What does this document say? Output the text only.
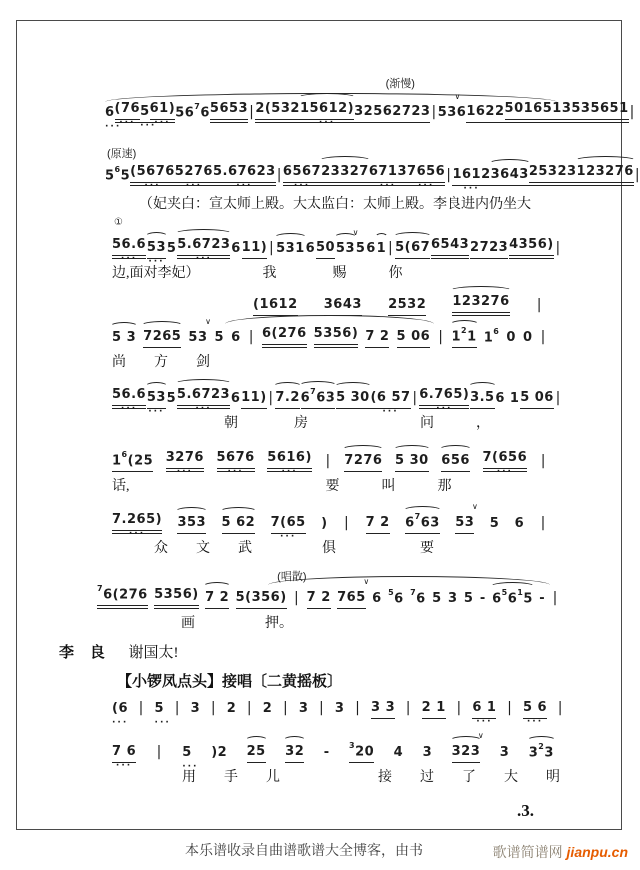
(渐慢)
6
···
(76
···
5
···
61)
···
$56^76$ 5653 | 2(532 15612)
···
3256 2723 | 53 ∨ 6 1622 501651 3535651 |
(原速)
$5^65$ (5676
···
5276
···
5.67623
···
| 6567
···
23327 6713
···
7656
···
| 1612
···
3643 25323 123276 |
（妃夹白：宣太师上殿。大太监白：太师上殿。李良进内仍坐大
56.6
···
①
53
···
5 5.6723
···
6 11) | 531 6 50 53 ∨ 5 6 1 | 5(67 6543 2723 4356) |
边,面对李妃）　　　　　我　　　　赐　　　你
(1612 3643 2532 123276 |
5 3 7265 53 ∨ 5 6 | 6(276 5356) 7 2 5 06 | $1^21$ $1^6$ 0 0 |
尚　　方　　剑
56.6
···
53
···
5 5.6723
···
6 11) | 7.2 $6^763$ 5 30 (6 57
···
| 6.765)
···
3.5 6 1 5 06 |
　　　　　　　　朝　　　　房　　　　　　　　问　　　，
$1^6(25$ 3276
···
5676
···
5616)
···
| 7276 5 30 656 7(656
···
|
话,　　　　　　　　　　　　　　要　　　叫　　　那
7.265)
···
353 5 62 7(65
···
) | 7 2 $6^763$ 53 ∨ 5 6 |
　　　众　　文　　武　　　　　俱　　　　　　要
(唱散)
$^7$6(276 5356) 7 2 5(356) | 7 2 765 ∨ 6 $^5$6 $^7$6 5 3 $5 - 6^56^15$ - |
　　　　　　画　　　　　押。
李 良 谢国太!
【小锣凤点头】接唱〔二黄摇板〕
(6
···
| 5
···
| 3 | 2 | 2 | 3 | 3 | 3 3 | 2 1 | 6 1
···
| 5 6
···
|
7 6
···
| 5
···
)2 25 32 - $^3$20 4 3 323 ∨ 3 $3^23$
　　　　　用　　手　　儿　　　　　　　接　　过　　了　　大　　明
.3.
本乐谱收录自曲谱歌谱大全博客，由书	歌谱简谱网 jianpu.cn
